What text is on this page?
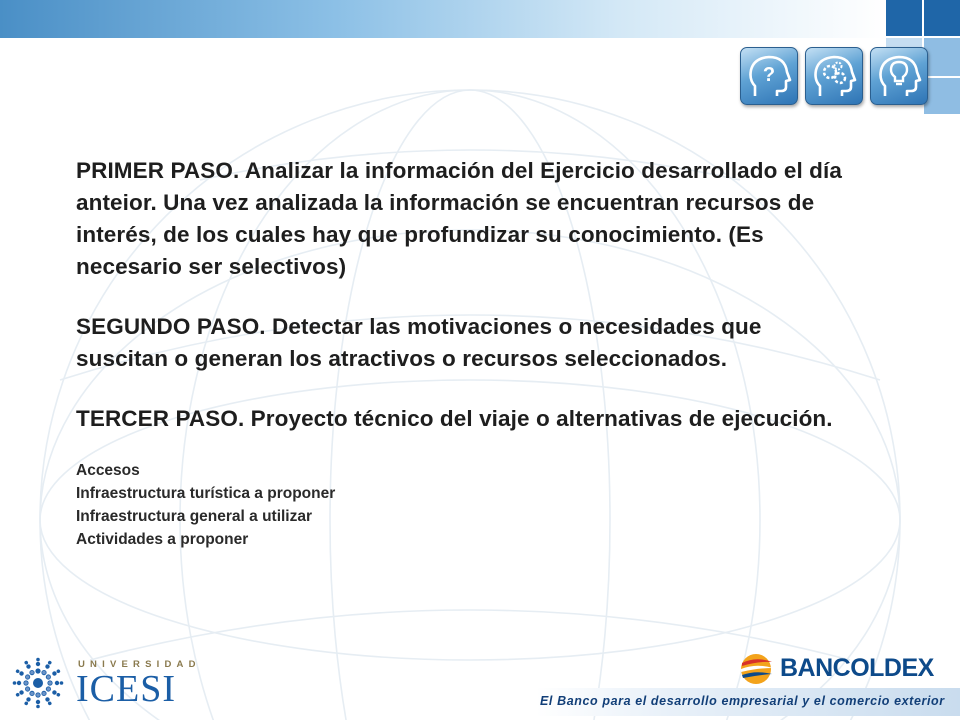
?

PRIMER PASO. Analizar la información del Ejercicio desarrollado el día anteior. Una vez analizada la información se encuentran recursos de interés, de los cuales hay que profundizar su conocimiento. (Es necesario ser selectivos)

SEGUNDO PASO. Detectar las motivaciones o necesidades que suscitan o generan los atractivos o recursos seleccionados.

TERCER PASO. Proyecto técnico del viaje o alternativas de ejecución.

Accesos
Infraestructura turística a proponer
Infraestructura general a utilizar
Actividades a proponer
UNIVERSIDAD
ICESI	BANCOLDEX
El Banco para el desarrollo empresarial y el comercio exterior
